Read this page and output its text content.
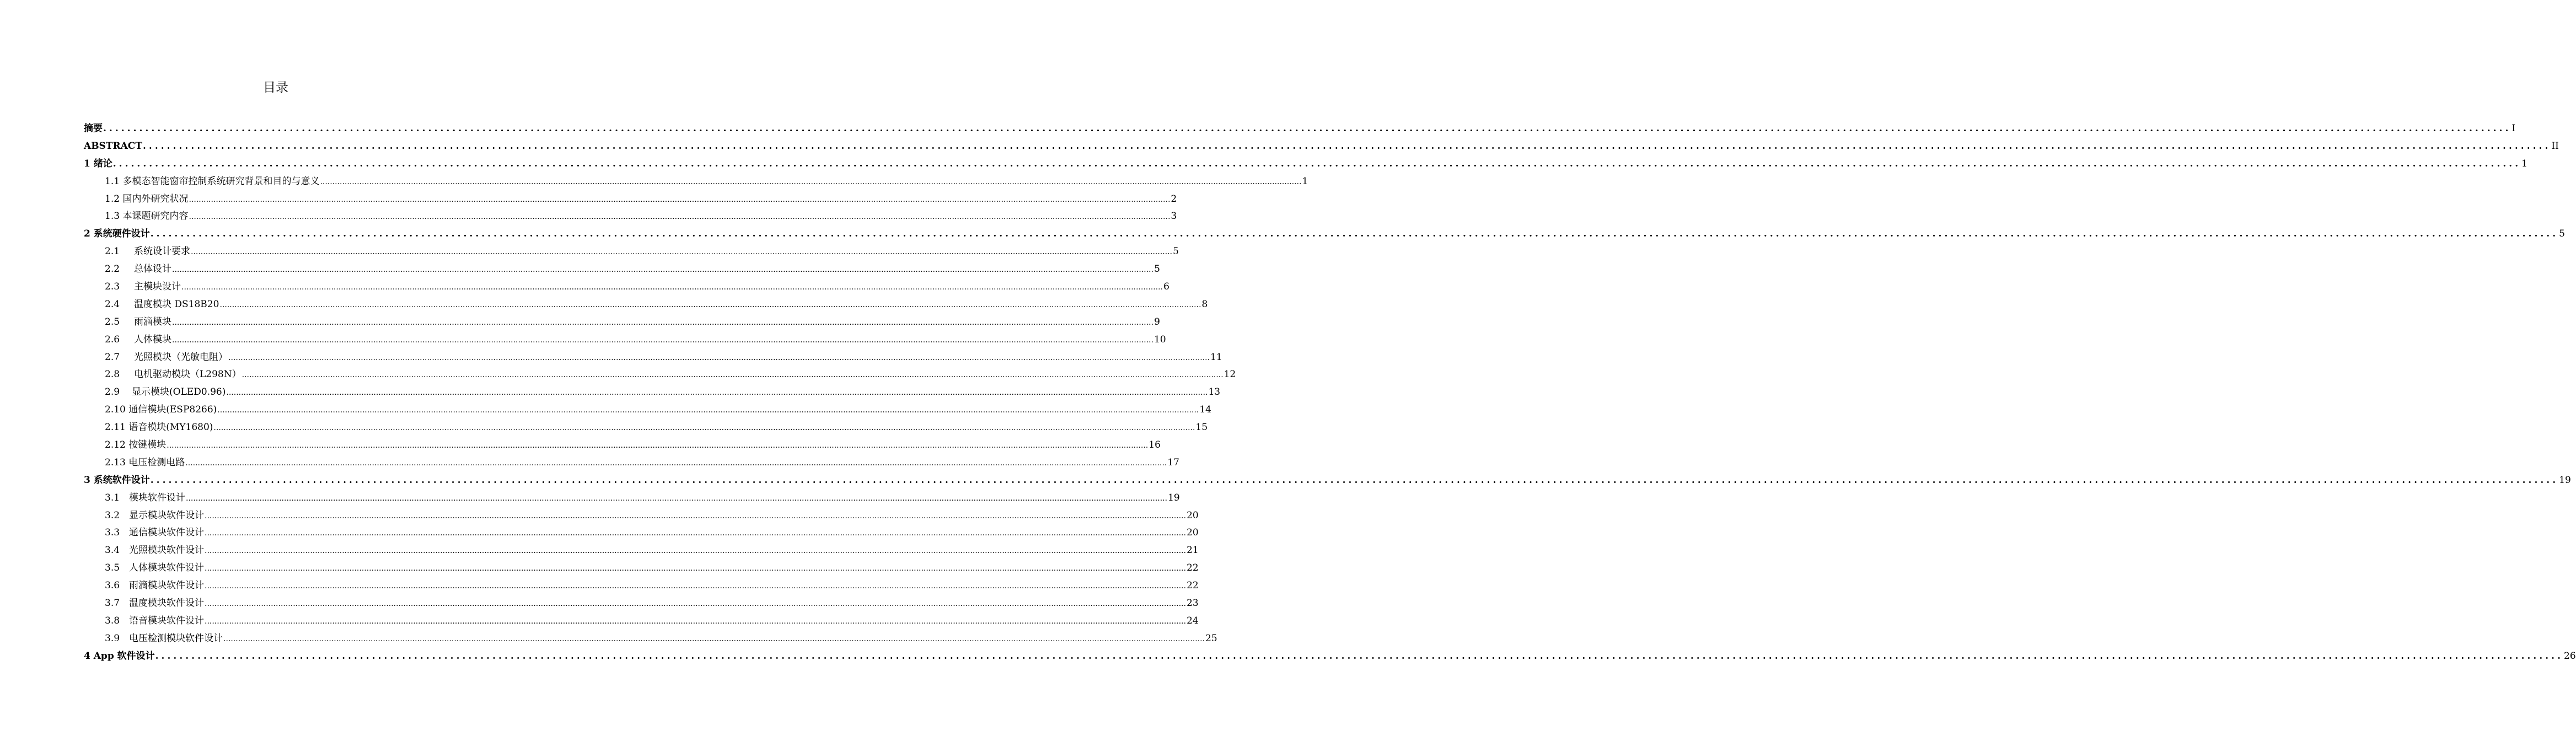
目录
摘要 ................................................................................................................................................................................................................................................................................................................................................................................................................ I
ABSTRACT ................................................................................................................................................................................................................................................................................................................................................................................................................ II
1 绪论 ................................................................................................................................................................................................................................................................................................................................................................................................................ 1
1.1 多模态智能窗帘控制系统研究背景和目的与意义 ................................................................................................................................................................................................................................................................................................................................................................................................................ 1
1.2 国内外研究状况 ................................................................................................................................................................................................................................................................................................................................................................................................................ 2
1.3 本课题研究内容 ................................................................................................................................................................................................................................................................................................................................................................................................................ 3
2 系统硬件设计 ................................................................................................................................................................................................................................................................................................................................................................................................................ 5
2.1 系统设计要求 ................................................................................................................................................................................................................................................................................................................................................................................................................ 5
2.2 总体设计 ................................................................................................................................................................................................................................................................................................................................................................................................................ 5
2.3 主模块设计 ................................................................................................................................................................................................................................................................................................................................................................................................................ 6
2.4 温度模块 DS18B20 ................................................................................................................................................................................................................................................................................................................................................................................................................ 8
2.5 雨滴模块 ................................................................................................................................................................................................................................................................................................................................................................................................................ 9
2.6 人体模块 ................................................................................................................................................................................................................................................................................................................................................................................................................ 10
2.7 光照模块（光敏电阻） ................................................................................................................................................................................................................................................................................................................................................................................................................ 11
2.8 电机驱动模块（L298N） ................................................................................................................................................................................................................................................................................................................................................................................................................ 12
2.9 显示模块(OLED0.96) ................................................................................................................................................................................................................................................................................................................................................................................................................ 13
2.10 通信模块(ESP8266) ................................................................................................................................................................................................................................................................................................................................................................................................................ 14
2.11 语音模块(MY1680) ................................................................................................................................................................................................................................................................................................................................................................................................................ 15
2.12 按键模块 ................................................................................................................................................................................................................................................................................................................................................................................................................ 16
2.13 电压检测电路 ................................................................................................................................................................................................................................................................................................................................................................................................................ 17
3 系统软件设计 ................................................................................................................................................................................................................................................................................................................................................................................................................ 19
3.1 模块软件设计 ................................................................................................................................................................................................................................................................................................................................................................................................................ 19
3.2 显示模块软件设计 ................................................................................................................................................................................................................................................................................................................................................................................................................ 20
3.3 通信模块软件设计 ................................................................................................................................................................................................................................................................................................................................................................................................................ 20
3.4 光照模块软件设计 ................................................................................................................................................................................................................................................................................................................................................................................................................ 21
3.5 人体模块软件设计 ................................................................................................................................................................................................................................................................................................................................................................................................................ 22
3.6 雨滴模块软件设计 ................................................................................................................................................................................................................................................................................................................................................................................................................ 22
3.7 温度模块软件设计 ................................................................................................................................................................................................................................................................................................................................................................................................................ 23
3.8 语音模块软件设计 ................................................................................................................................................................................................................................................................................................................................................................................................................ 24
3.9 电压检测模块软件设计 ................................................................................................................................................................................................................................................................................................................................................................................................................ 25
4 App 软件设计 ................................................................................................................................................................................................................................................................................................................................................................................................................ 26
